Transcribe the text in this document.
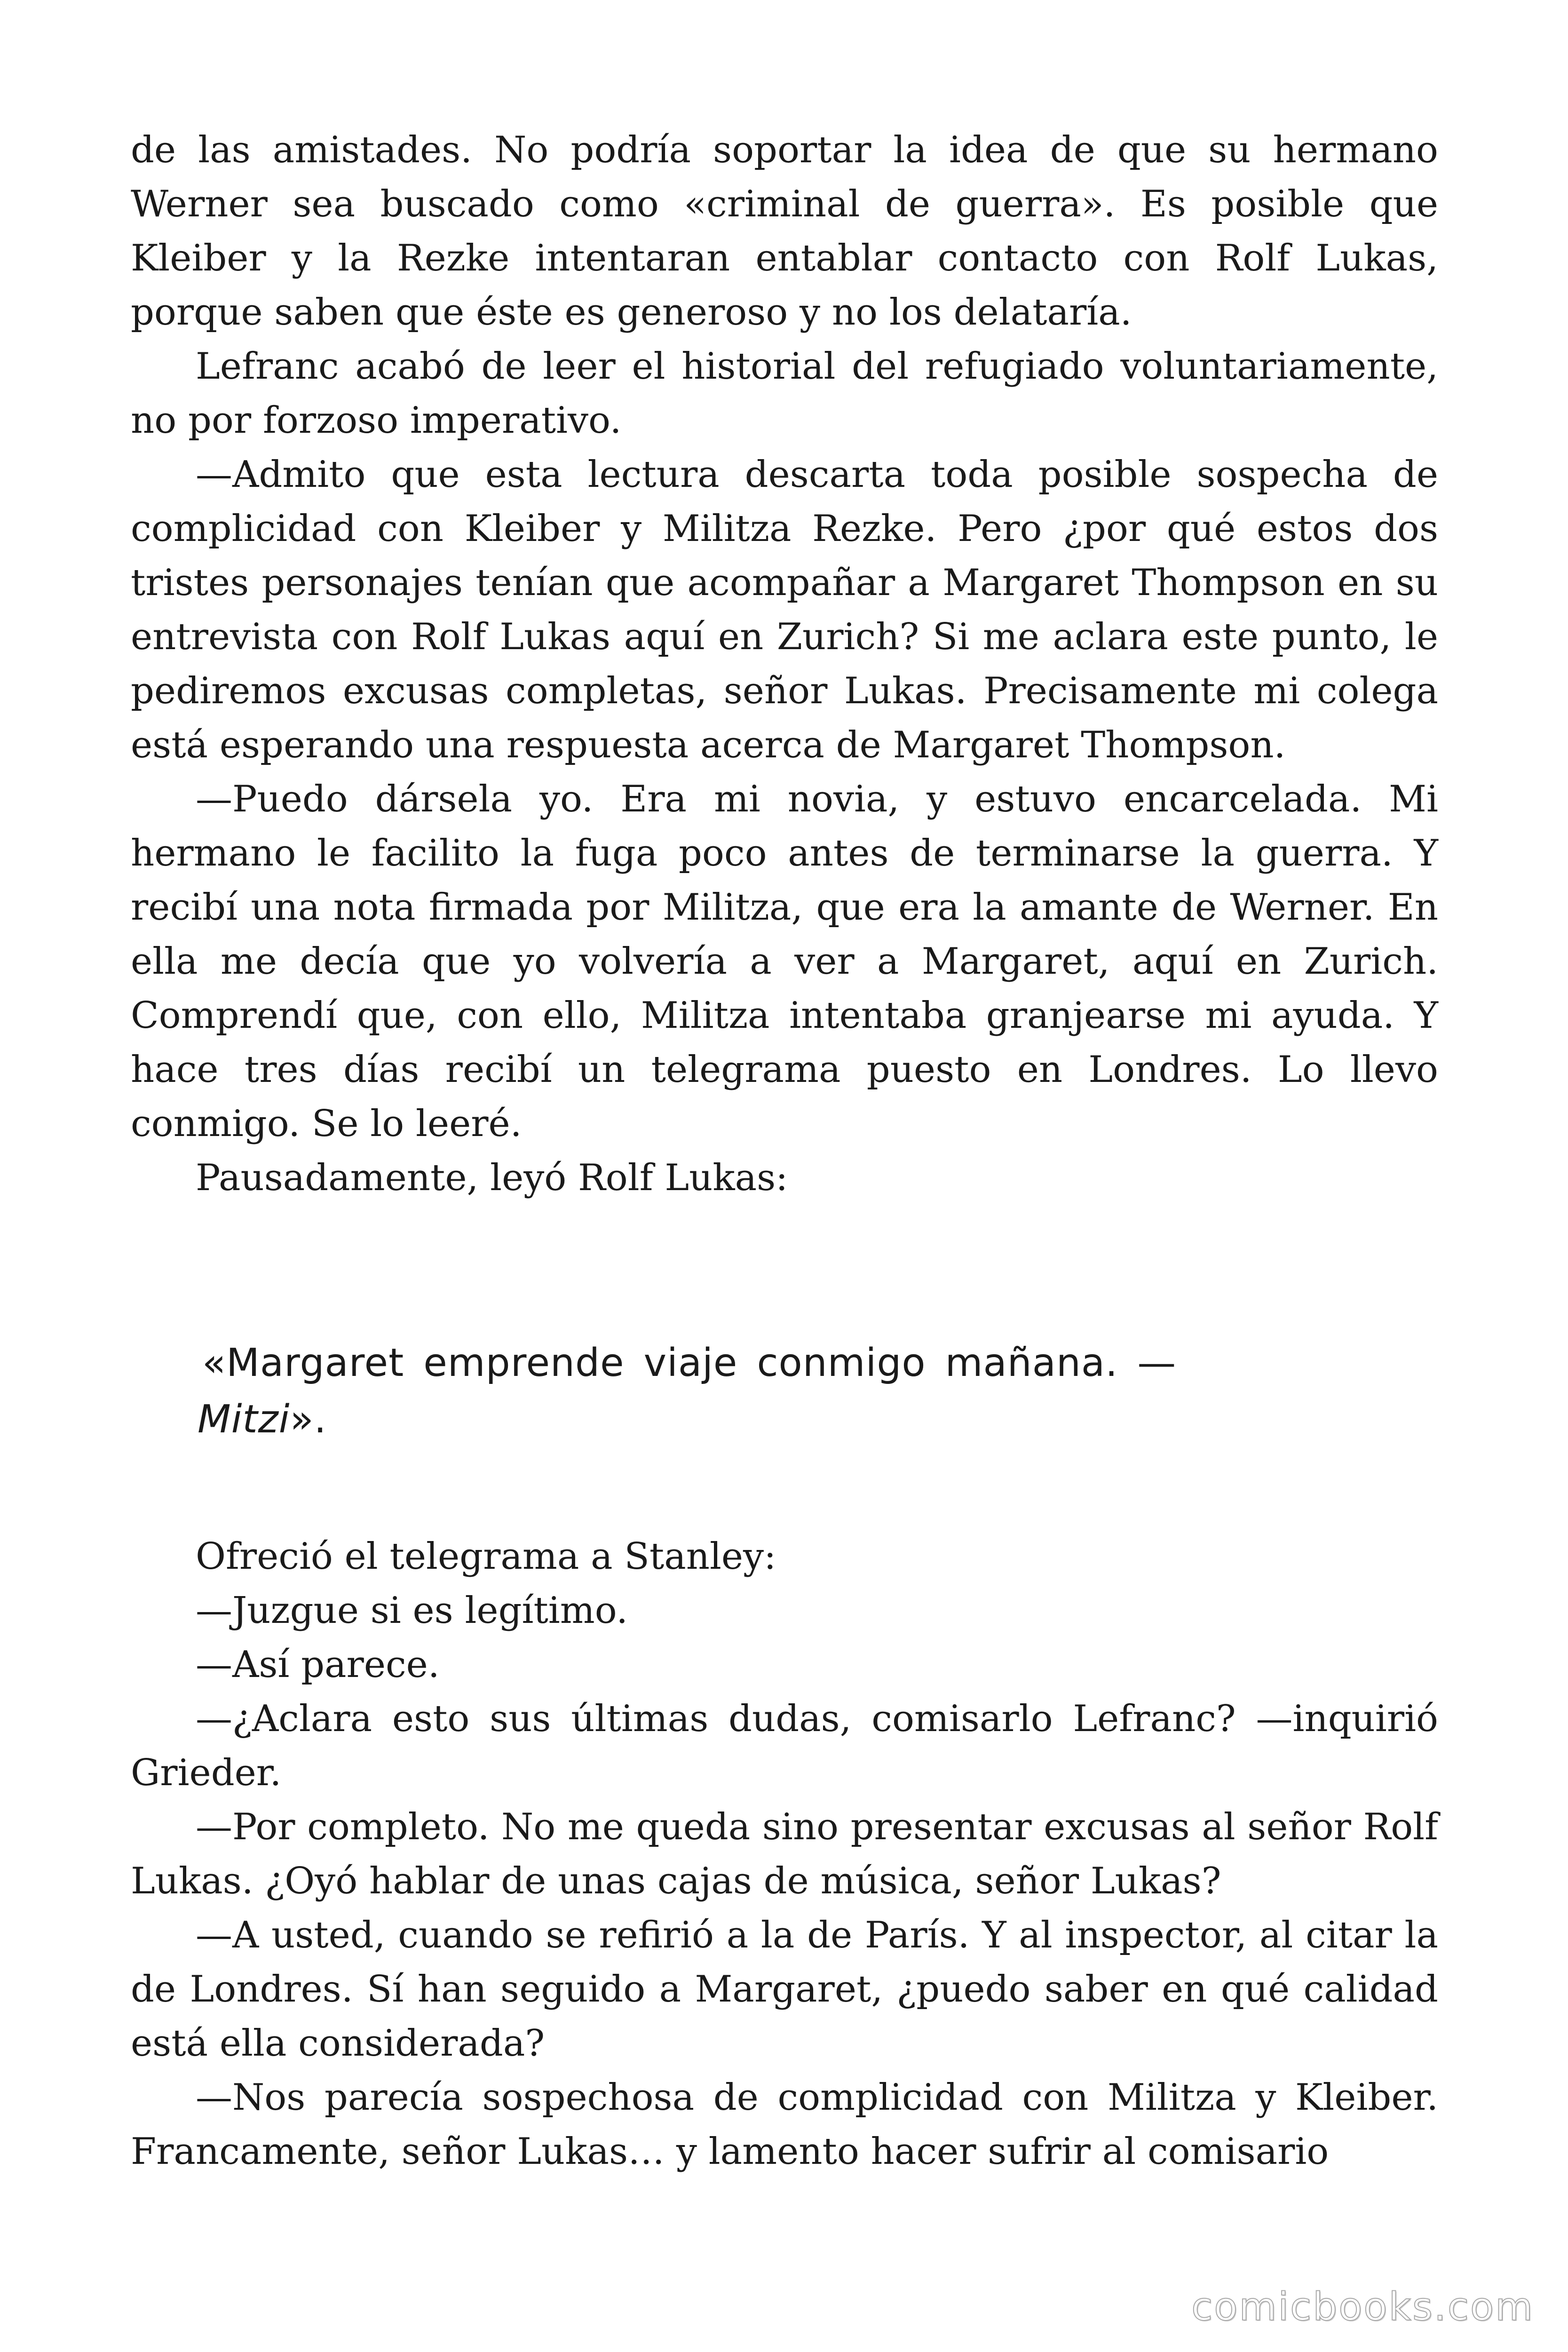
de las amistades. No podría soportar la idea de que su hermano Werner sea buscado como «criminal de guerra». Es posible que Kleiber y la Rezke intentaran entablar contacto con Rolf Lukas, porque saben que éste es generoso y no los delataría.

Lefranc acabó de leer el historial del refugiado voluntariamente, no por forzoso imperativo.

—Admito que esta lectura descarta toda posible sospecha de complicidad con Kleiber y Militza Rezke. Pero ¿por qué estos dos tristes personajes tenían que acompañar a Margaret Thompson en su entrevista con Rolf Lukas aquí en Zurich? Si me aclara este punto, le pediremos excusas completas, señor Lukas. Precisamente mi colega está esperando una respuesta acerca de Margaret Thompson.

—Puedo dársela yo. Era mi novia, y estuvo encarcelada. Mi hermano le facilito la fuga poco antes de terminarse la guerra. Y recibí una nota firmada por Militza, que era la amante de Werner. En ella me decía que yo volvería a ver a Margaret, aquí en Zurich. Comprendí que, con ello, Militza intentaba granjearse mi ayuda. Y hace tres días recibí un telegrama puesto en Londres. Lo llevo conmigo. Se lo leeré.

Pausadamente, leyó Rolf Lukas:

Ofreció el telegrama a Stanley:

—Juzgue si es legítimo.

—Así parece.

—¿Aclara esto sus últimas dudas, comisarlo Lefranc? —inquirió Grieder.

—Por completo. No me queda sino presentar excusas al señor Rolf Lukas. ¿Oyó hablar de unas cajas de música, señor Lukas?

—A usted, cuando se refirió a la de París. Y al inspector, al citar la de Londres. Sí han seguido a Margaret, ¿puedo saber en qué calidad está ella considerada?

—Nos parecía sospechosa de complicidad con Militza y Kleiber. Francamente, señor Lukas… y lamento hacer sufrir al comisario

«Margaret emprende viaje conmigo mañana. —
Mitzi».

comicbooks.com
